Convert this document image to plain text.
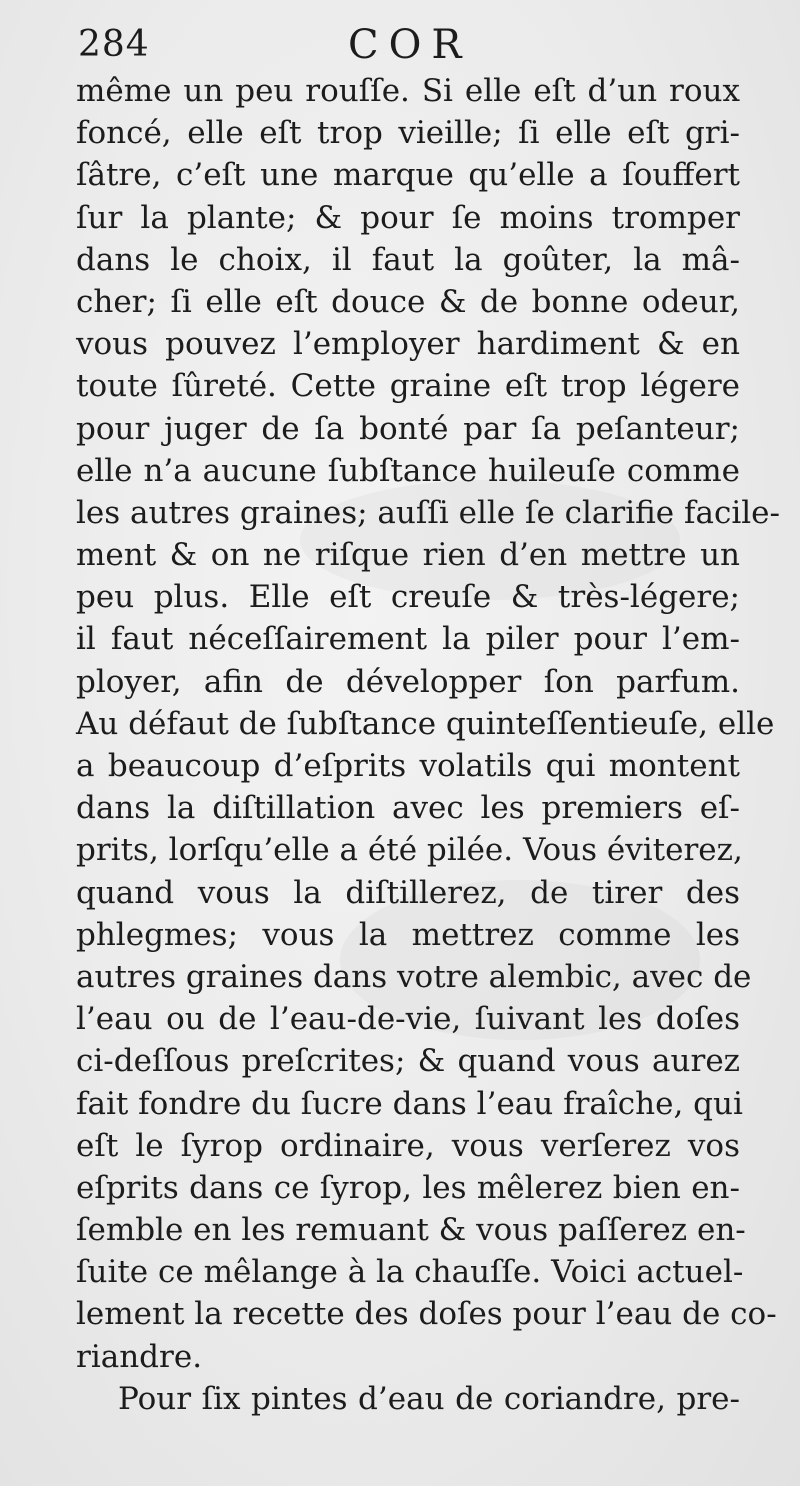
284	COR
même un peu rouſſe. Si elle eſt d’un roux
foncé, elle eſt trop vieille; ſi elle eſt gri-
ſâtre, c’eſt une marque qu’elle a ſouffert
ſur la plante; & pour ſe moins tromper
dans le choix, il faut la goûter, la mâ-
cher; ſi elle eſt douce & de bonne odeur,
vous pouvez l’employer hardiment & en
toute ſûreté. Cette graine eſt trop légere
pour juger de ſa bonté par ſa peſanteur;
elle n’a aucune ſubſtance huileuſe comme
les autres graines; auſſi elle ſe clarifie facile-
ment & on ne riſque rien d’en mettre un
peu plus. Elle eſt creuſe & très-légere;
il faut néceſſairement la piler pour l’em-
ployer, afin de développer ſon parfum.
Au défaut de ſubſtance quinteſſentieuſe, elle
a beaucoup d’eſprits volatils qui montent
dans la diſtillation avec les premiers eſ-
prits, lorſqu’elle a été pilée. Vous éviterez,
quand vous la diſtillerez, de tirer des
phlegmes; vous la mettrez comme les
autres graines dans votre alembic, avec de
l’eau ou de l’eau-de-vie, ſuivant les doſes
ci-deſſous preſcrites; & quand vous aurez
fait fondre du ſucre dans l’eau fraîche, qui
eſt le ſyrop ordinaire, vous verſerez vos
eſprits dans ce ſyrop, les mêlerez bien en-
ſemble en les remuant & vous paſſerez en-
ſuite ce mêlange à la chauſſe. Voici actuel-
lement la recette des doſes pour l’eau de co-
riandre.
Pour ſix pintes d’eau de coriandre, pre-
